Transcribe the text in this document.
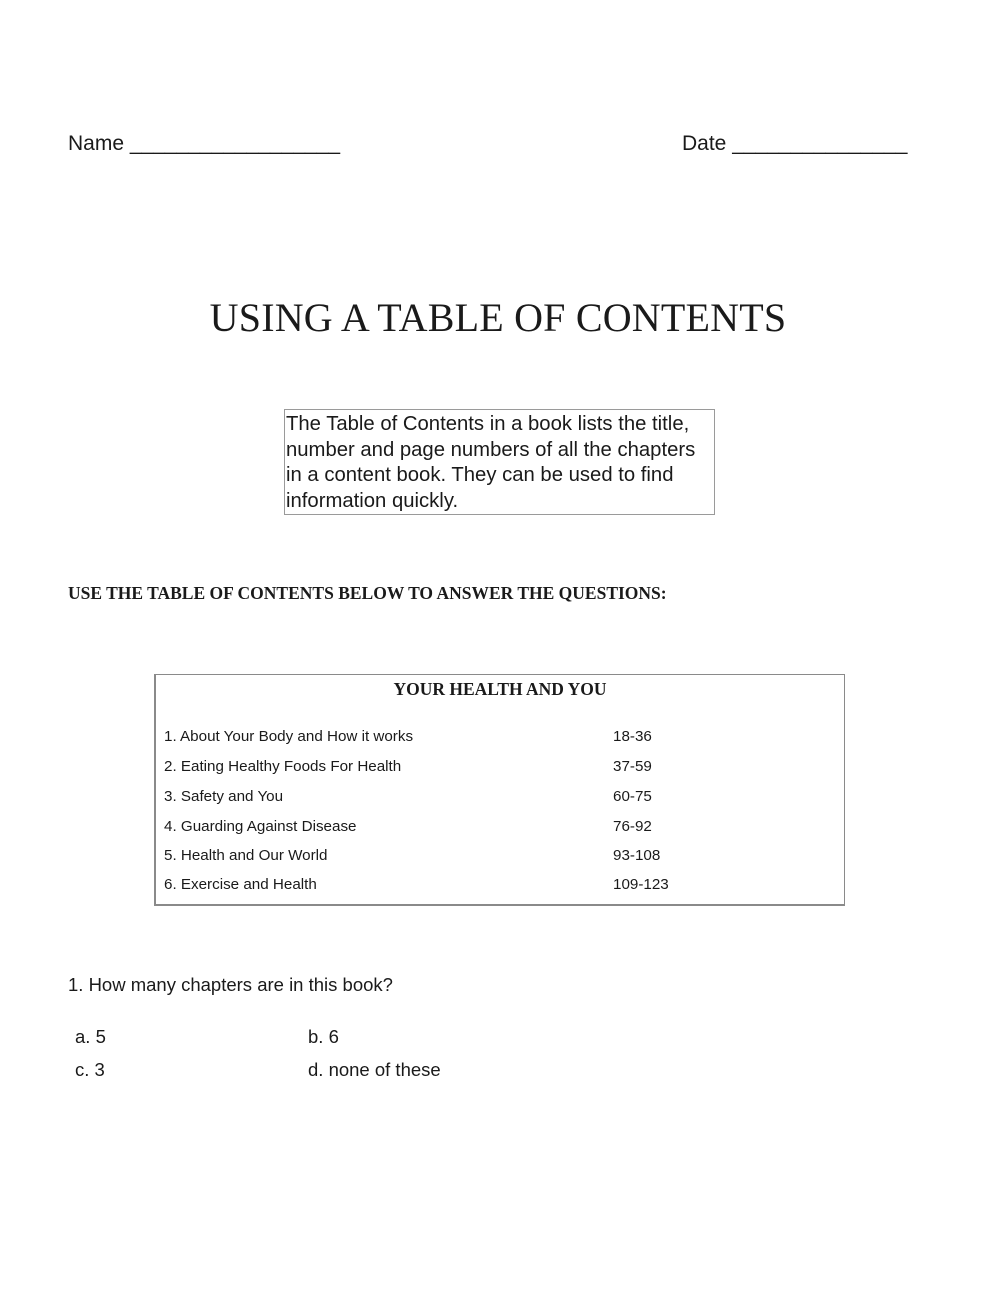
Name __________________	Date _______________
USING A TABLE OF CONTENTS

The Table of Contents in a book lists the title, number and page numbers of all the chapters in a content book. They can be used to find information quickly.

USE THE TABLE OF CONTENTS BELOW TO ANSWER THE QUESTIONS:
YOUR HEALTH AND YOU
1. About Your Body and How it works	18-36
2. Eating Healthy Foods For Health	37-59
3. Safety and You	60-75
4. Guarding Against Disease	76-92
5. Health and Our World	93-108
6. Exercise and Health	109-123
1. How many chapters are in this book?
a. 5	b. 6
c. 3	d. none of these
